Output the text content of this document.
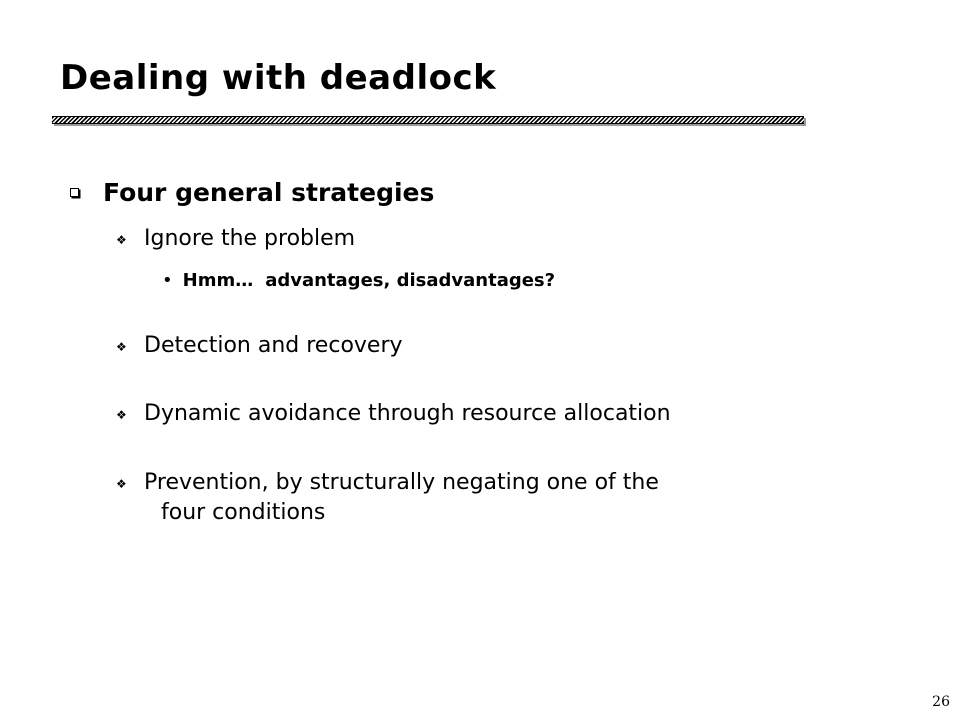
Dealing with deadlock
Four general strategies
❖ Ignore the problem
• Hmm… advantages, disadvantages?
❖ Detection and recovery
❖ Dynamic avoidance through resource allocation
❖ Prevention, by structurally negating one of the
four conditions
26
